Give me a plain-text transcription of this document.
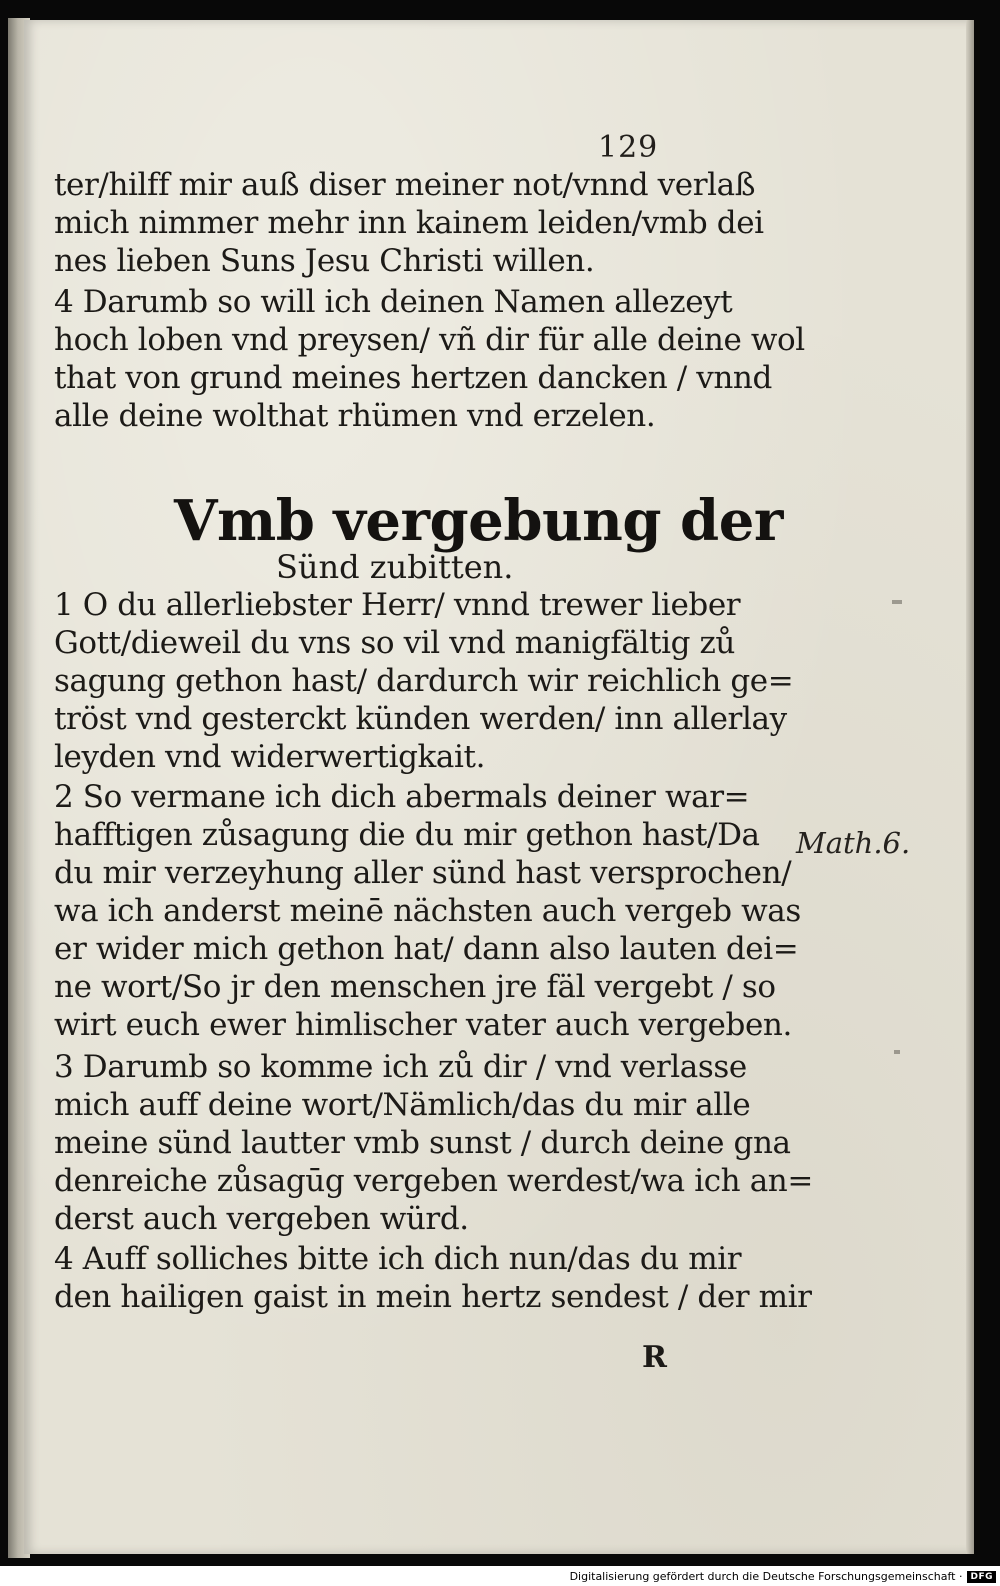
129
ter/hilff mir auß diser meiner not/vnnd verlaß
mich nimmer mehr inn kainem leiden/vmb dei
nes lieben Suns Jesu Christi willen.
4 Darumb so will ich deinen Namen allezeyt
hoch loben vnd preysen/ vñ dir für alle deine wol
that von grund meines hertzen dancken / vnnd
alle deine wolthat rhümen vnd erzelen.
1 O du allerliebster Herr/ vnnd trewer lieber
Gott/dieweil du vns so vil vnd manigfältig zů
sagung gethon hast/ dardurch wir reichlich ge=
tröst vnd gesterckt künden werden/ inn allerlay
leyden vnd widerwertigkait.
2 So vermane ich dich abermals deiner war=
hafftigen zůsagung die du mir gethon hast/Da
du mir verzeyhung aller sünd hast versprochen/
wa ich anderst meinē nächsten auch vergeb was
er wider mich gethon hat/ dann also lauten dei=
ne wort/So jr den menschen jre fäl vergebt / so
wirt euch ewer himlischer vater auch vergeben.
3 Darumb so komme ich zů dir / vnd verlasse
mich auff deine wort/Nämlich/das du mir alle
meine sünd lautter vmb sunst / durch deine gna
denreiche zůsagūg vergeben werdest/wa ich an=
derst auch vergeben würd.
4 Auff solliches bitte ich dich nun/das du mir
den hailigen gaist in mein hertz sendest / der mir
Vmb vergebung der
Sünd zubitten.
Math.6.
R
Digitalisierung gefördert durch die Deutsche Forschungsgemeinschaft · DFG
